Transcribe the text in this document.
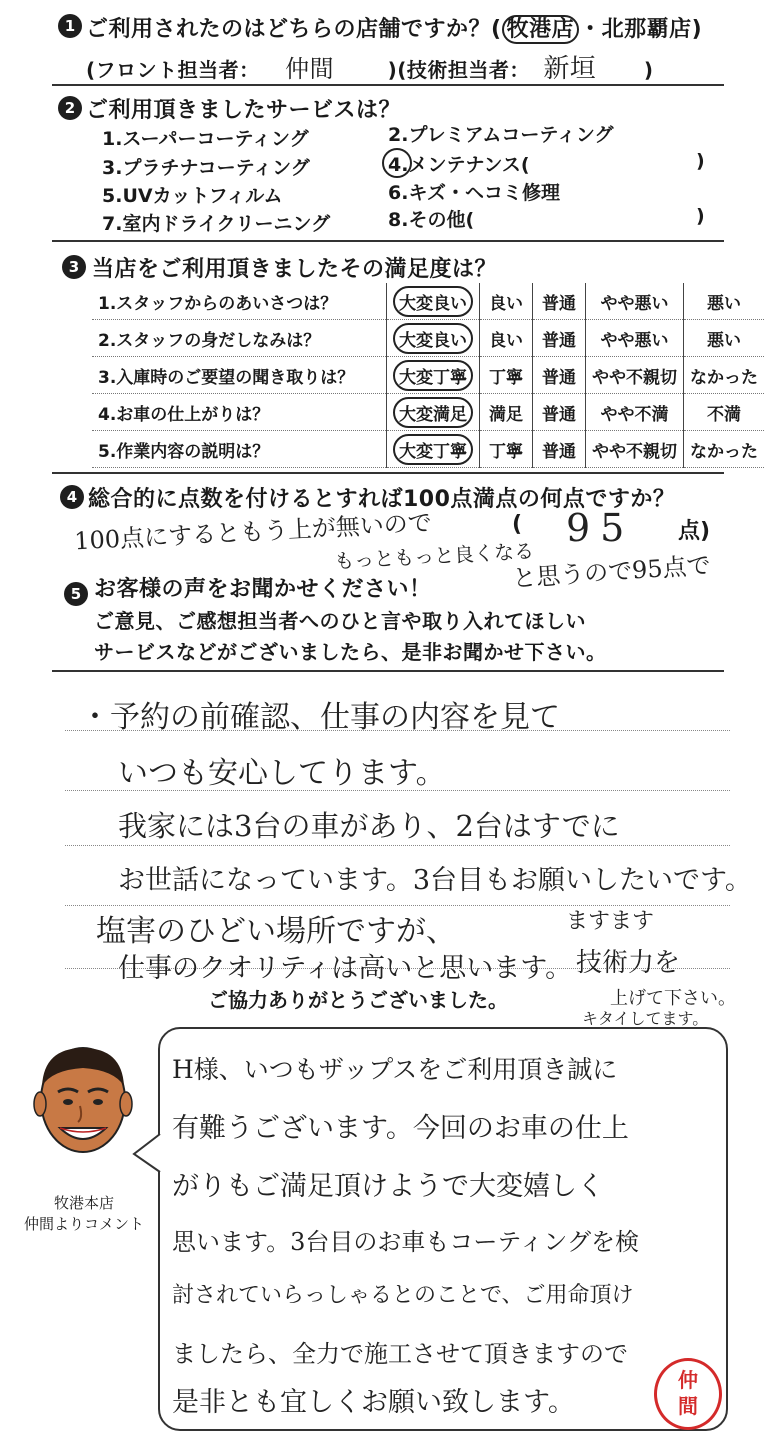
1 ご利用されたのはどちらの店舗ですか？( 牧港店 ・北那覇店)
(フロント担当者： 仲間	)(技術担当者： 新垣 )
2 ご利用頂きましたサービスは？
1.スーパーコーティング	2.プレミアムコーティング
3.プラチナコーティング	4.メンテナンス(	)
5.UVカットフィルム	6.キズ・ヘコミ修理
7.室内ドライクリーニング	8.その他(	)
3 当店をご利用頂きましたその満足度は？
1.スタッフからのあいさつは？	大変良い	良い	普通	やや悪い	悪い
2.スタッフの身だしなみは？	大変良い	良い	普通	やや悪い	悪い
3.入庫時のご要望の聞き取りは？	大変丁寧	丁寧	普通	やや不親切	なかった
4.お車の仕上がりは？	大変満足	満足	普通	やや不満	不満
5.作業内容の説明は？	大変丁寧	丁寧	普通	やや不親切	なかった
4 総合的に点数を付けるとすれば100点満点の何点ですか？
100点にするともう上が無いので
もっともっと良くなる
( 95 点)
と思うので95点で
5 お客様の声をお聞かせください！
ご意見、ご感想担当者へのひと言や取り入れてほしい
サービスなどがございましたら、是非お聞かせ下さい。
・予約の前確認、仕事の内容を見て
いつも安心してります。
我家には3台の車があり、2台はすでに
お世話になっています。3台目もお願いしたいです。
塩害のひどい場所ですが、
仕事のクオリティは高いと思います。
ますます
技術力を
上げて下さい。
キタイしてます。
ご協力ありがとうございました。
牧港本店
仲間よりコメント
H様、いつもザップスをご利用頂き誠に
有難うございます。今回のお車の仕上
がりもご満足頂けようで大変嬉しく
思います。3台目のお車もコーティングを検
討されていらっしゃるとのことで、ご用命頂け
ましたら、全力で施工させて頂きますので
是非とも宜しくお願い致します。
仲間
